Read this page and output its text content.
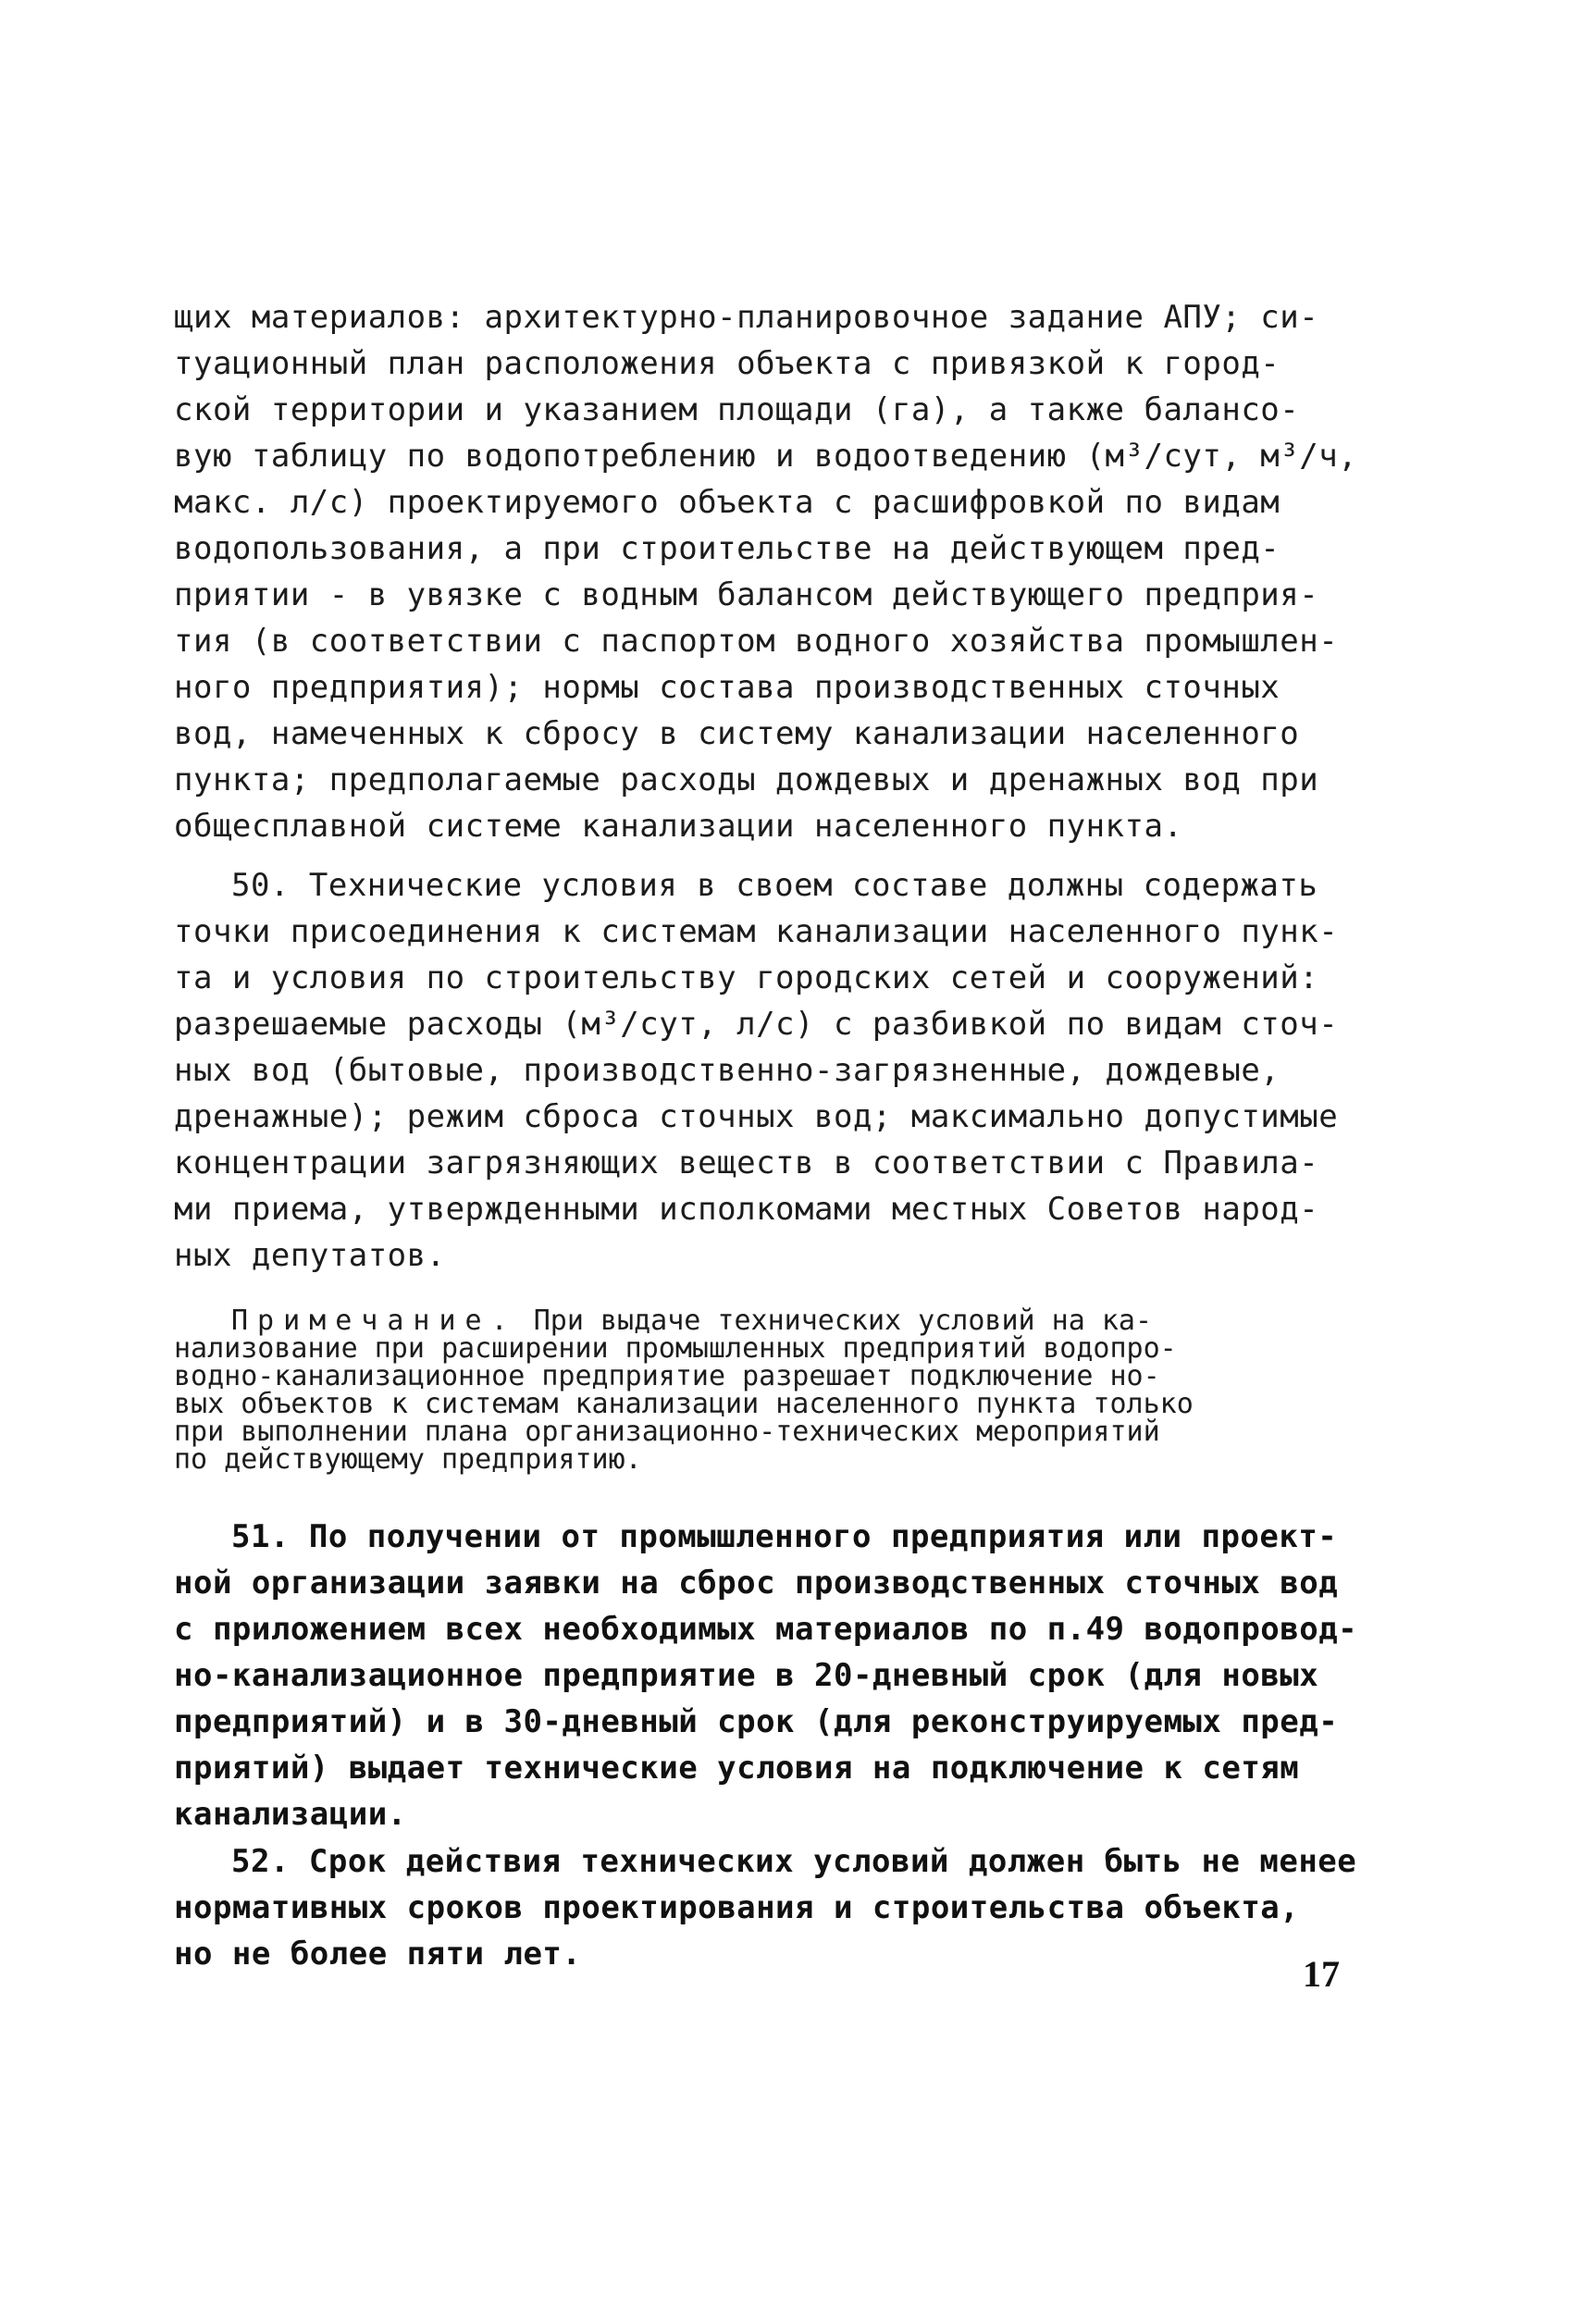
щих материалов: архитектурно-планировочное задание АПУ; си-
туационный план расположения объекта с привязкой к город-
ской территории и указанием площади (га), а также балансо-
вую таблицу по водопотреблению и водоотведению (м³/сут, м³/ч,
макс. л/с) проектируемого объекта с расшифровкой по видам
водопользования, а при строительстве на действующем пред-
приятии - в увязке с водным балансом действующего предприя-
тия (в соответствии с паспортом водного хозяйства промышлен-
ного предприятия); нормы состава производственных сточных
вод, намеченных к сбросу в систему канализации населенного
пункта; предполагаемые расходы дождевых и дренажных вод при
общесплавной системе канализации населенного пункта.
50. Технические условия в своем составе должны содержать
точки присоединения к системам канализации населенного пунк-
та и условия по строительству городских сетей и сооружений:
разрешаемые расходы (м³/сут, л/с) с разбивкой по видам сточ-
ных вод (бытовые, производственно-загрязненные, дождевые,
дренажные); режим сброса сточных вод; максимально допустимые
концентрации загрязняющих веществ в соответствии с Правила-
ми приема, утвержденными исполкомами местных Советов народ-
ных депутатов.
Примечание. При выдаче технических условий на ка-
нализование при расширении промышленных предприятий водопро-
водно-канализационное предприятие разрешает подключение но-
вых объектов к системам канализации населенного пункта только
при выполнении плана организационно-технических мероприятий
по действующему предприятию.
51. По получении от промышленного предприятия или проект-
ной организации заявки на сброс производственных сточных вод
с приложением всех необходимых материалов по п.49 водопровод-
но-канализационное предприятие в 20-дневный срок (для новых
предприятий) и в 30-дневный срок (для реконструируемых пред-
приятий) выдает технические условия на подключение к сетям
канализации.
52. Срок действия технических условий должен быть не менее
нормативных сроков проектирования и строительства объекта,
но не более пяти лет.	17
